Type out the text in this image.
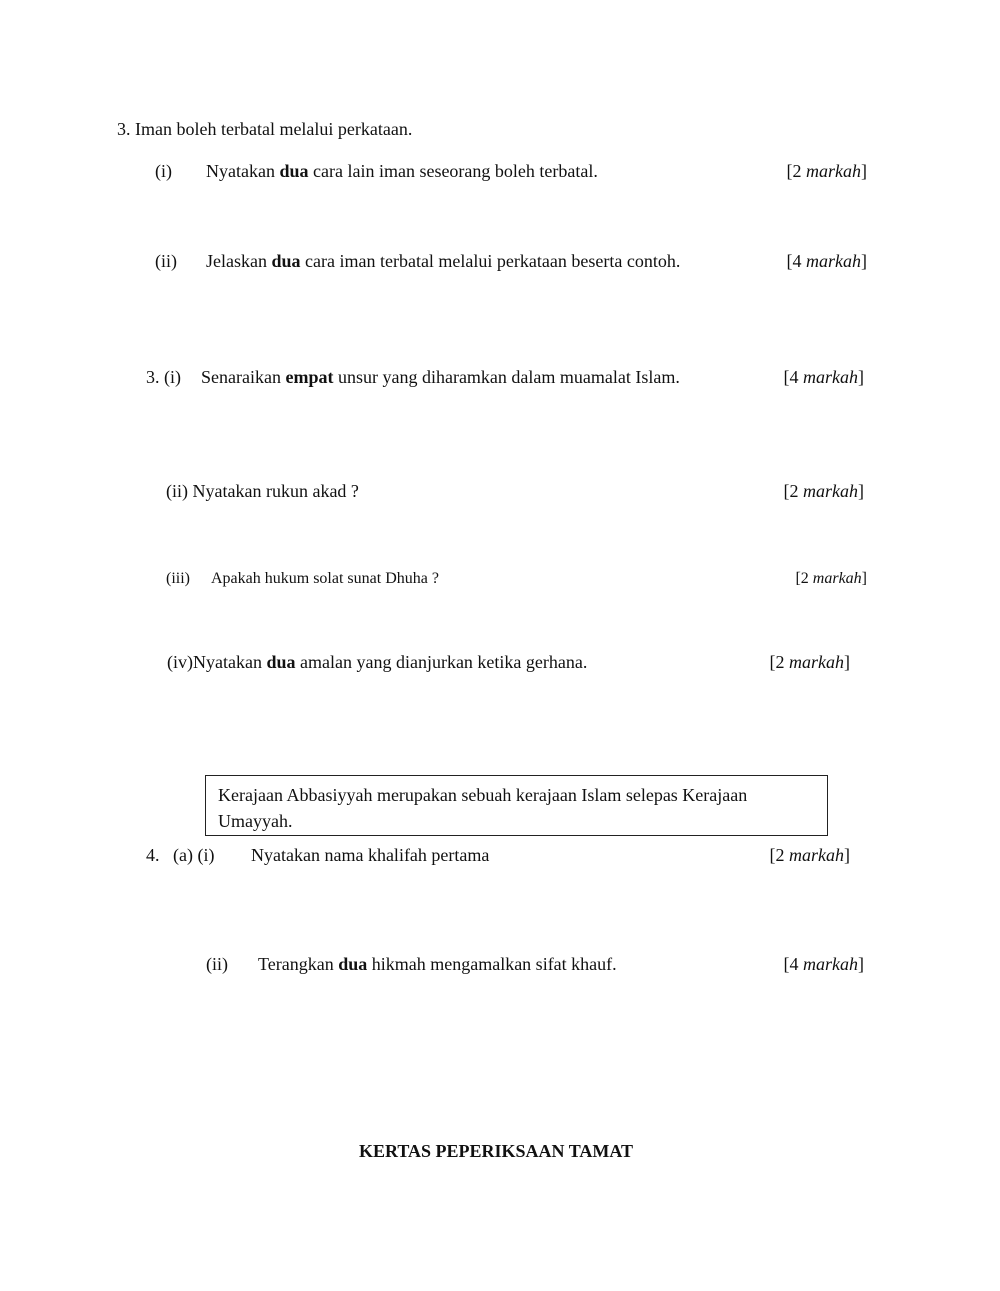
3. Iman boleh terbatal melalui perkataan.
(i) Nyatakan dua cara lain iman seseorang boleh terbatal.	[2 markah]
(ii) Jelaskan dua cara iman terbatal melalui perkataan beserta contoh.	[4 markah]
3. (i) Senaraikan empat unsur yang diharamkan dalam muamalat Islam.	[4 markah]
(ii) Nyatakan rukun akad ?	[2 markah]
(iii) Apakah hukum solat sunat Dhuha ?	[2 markah]
(iv)Nyatakan dua amalan yang dianjurkan ketika gerhana.	[2 markah]
Kerajaan Abbasiyyah merupakan sebuah kerajaan Islam selepas Kerajaan Umayyah.
4.   (a) (i) Nyatakan nama khalifah pertama	[2 markah]
(ii) Terangkan dua hikmah mengamalkan sifat khauf.	[4 markah]
KERTAS PEPERIKSAAN TAMAT
